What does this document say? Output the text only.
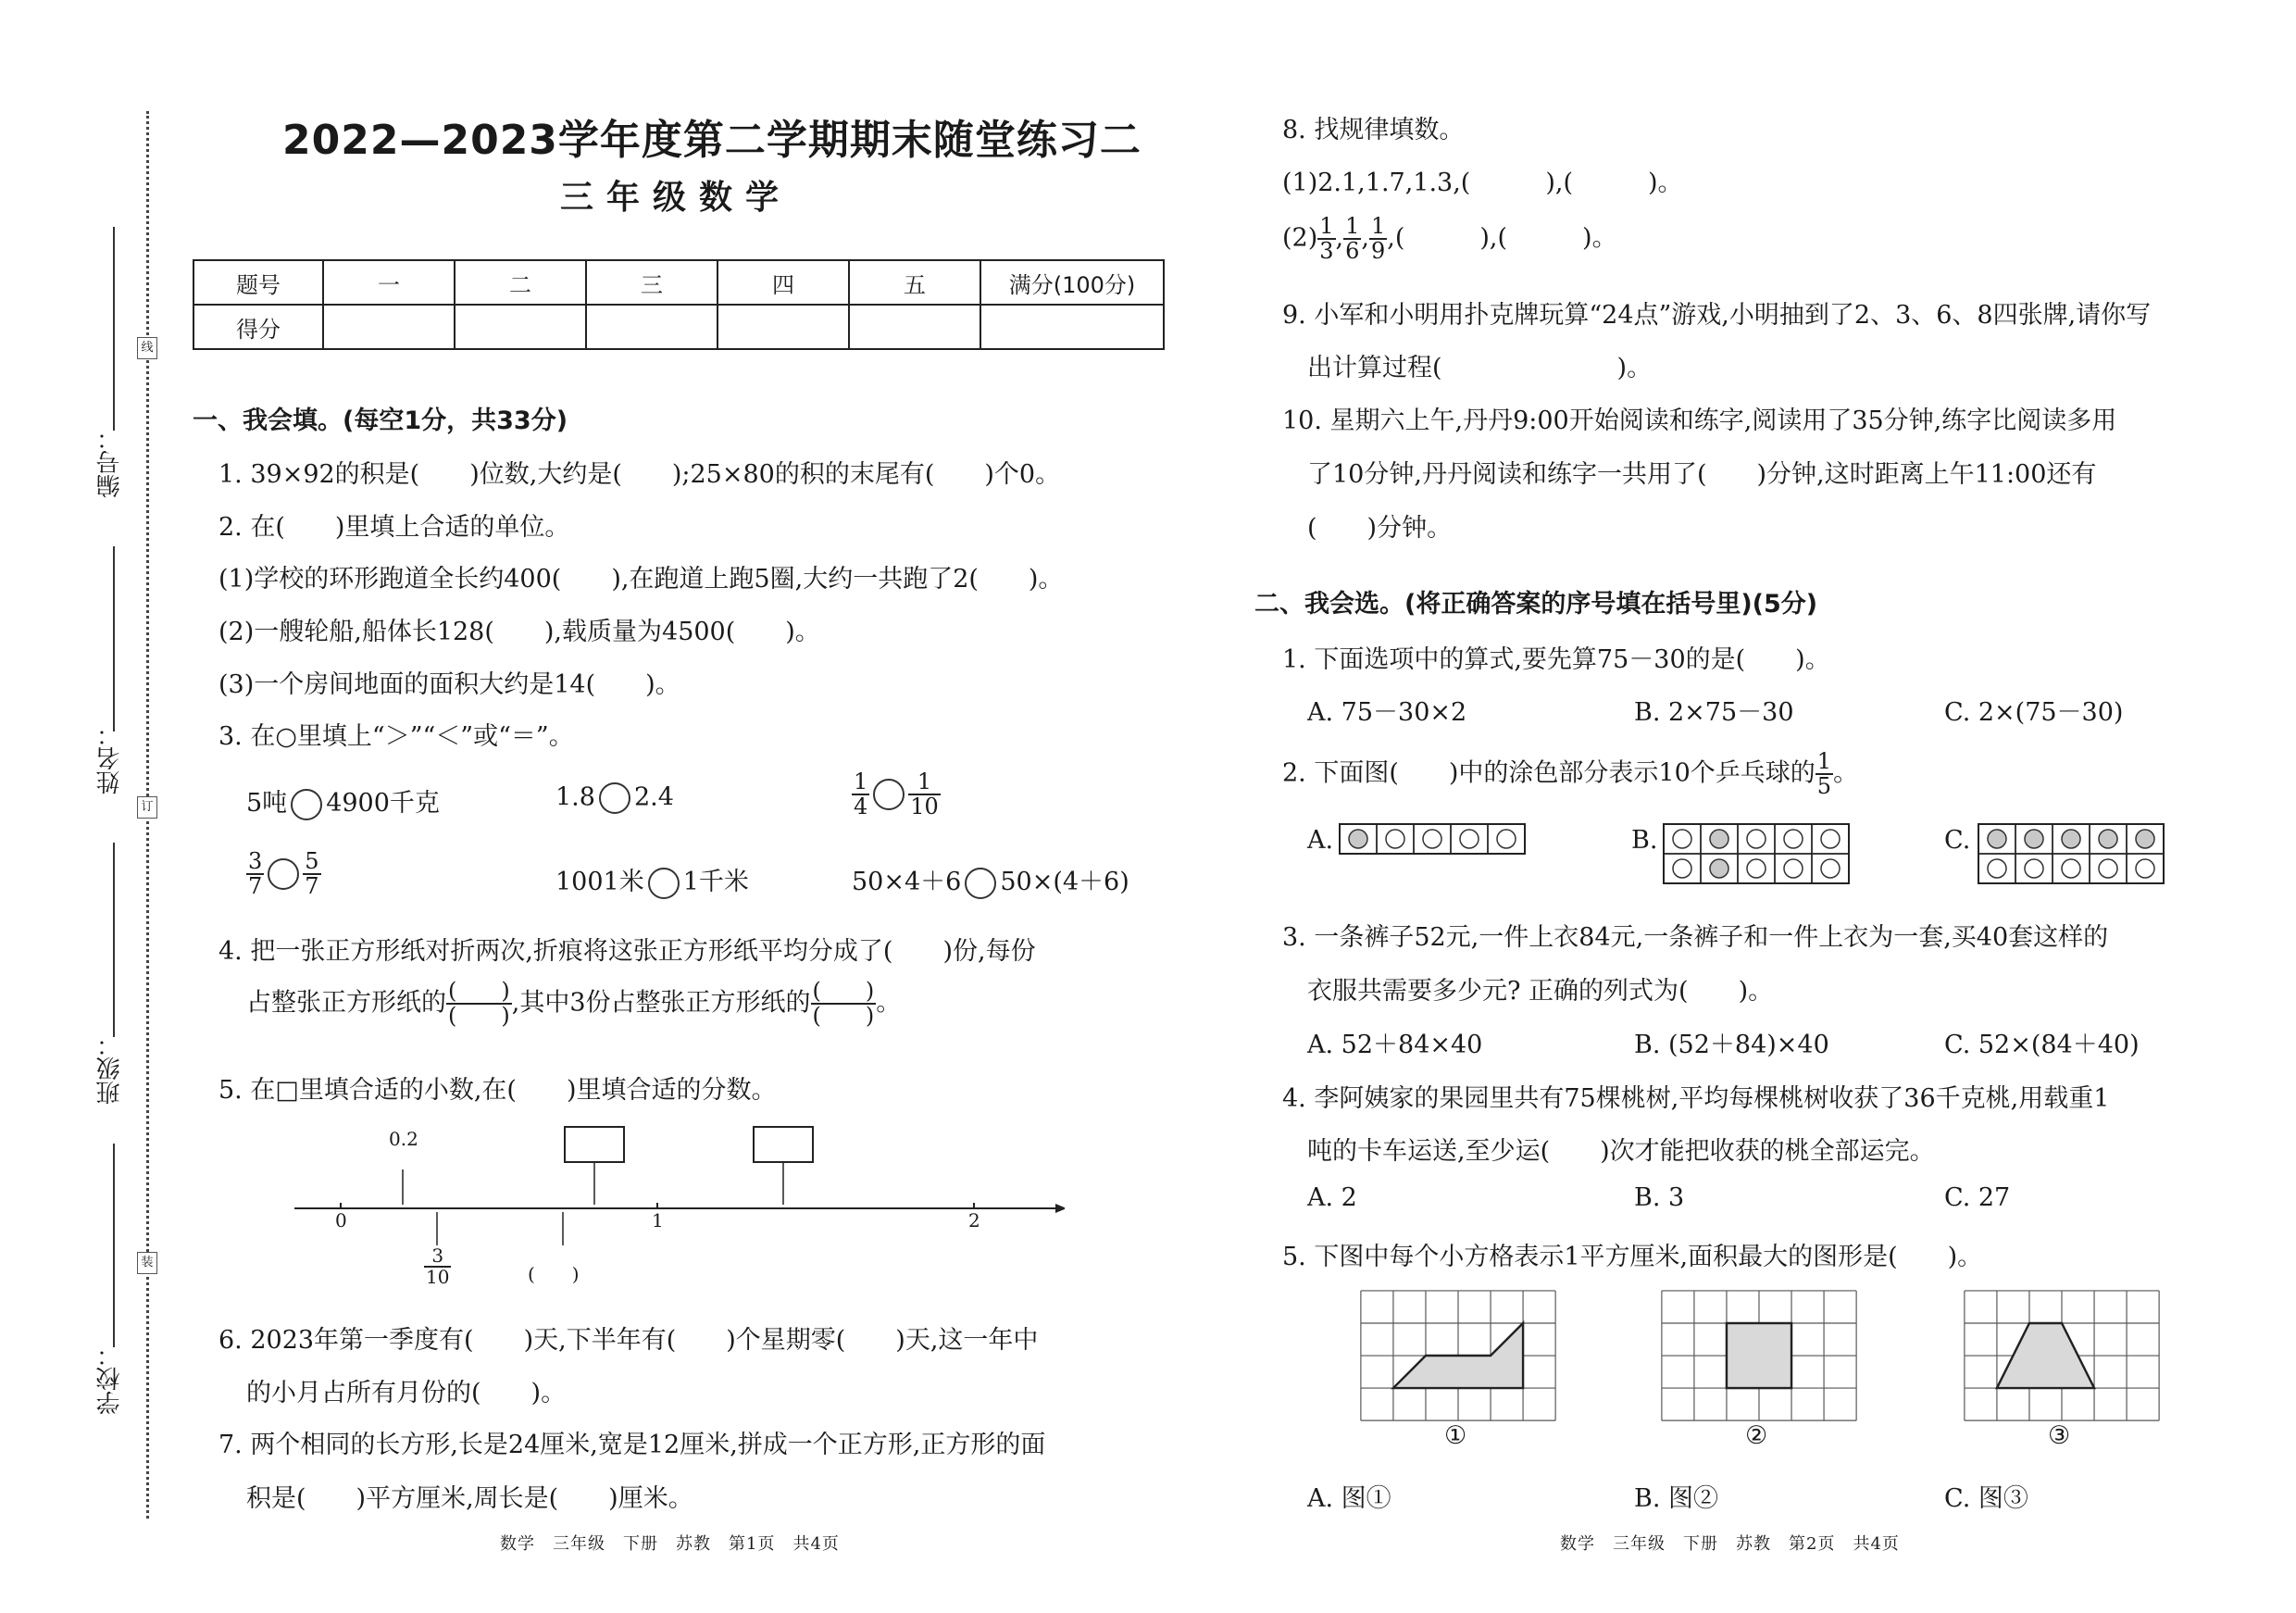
编号：
姓名：
班级：
学校：
线
订
装
2022—2023学年度第二学期期末随堂练习二
三年级数学
题号	一	二	三	四	五	满分(100分)
得分						
一、我会填。(每空1分，共33分)
1. 39×92的积是(　　)位数,大约是(　　);25×80的积的末尾有(　　)个0。
2. 在(　　)里填上合适的单位。
(1)学校的环形跑道全长约400(　　),在跑道上跑5圈,大约一共跑了2(　　)。
(2)一艘轮船,船体长128(　　),载质量为4500(　　)。
(3)一个房间地面的面积大约是14(　　)。
3. 在○里填上“＞”“＜”或“＝”。
5吨 4900千克	1.8 2.4	$\frac{1}{4} \frac{1}{10}$
$\frac{3}{7} \frac{5}{7}$	1001米 1千米	50×4＋6 50×(4＋6)
4. 把一张正方形纸对折两次,折痕将这张正方形纸平均分成了(　　)份,每份
占整张正方形纸的 $\frac{( )}{( )}$ ,其中3份占整张正方形纸的 $\frac{( )}{( )}$ 。
5. 在□里填合适的小数,在(　　)里填合适的分数。
0.2
0	1	2
$\frac{3}{10}$	(　　)
6. 2023年第一季度有(　　)天,下半年有(　　)个星期零(　　)天,这一年中
的小月占所有月份的(　　)。
7. 两个相同的长方形,长是24厘米,宽是12厘米,拼成一个正方形,正方形的面
积是(　　)平方厘米,周长是(　　)厘米。
数学　三年级　下册　苏教　第1页　共4页
8. 找规律填数。
(1)2.1,1.7,1.3,(　　　),(　　　)。
$(2) \frac{1}{3}$ , $\frac{1}{6}$ , $\frac{1}{9}$ ,(　　　),(　　　)。
9. 小军和小明用扑克牌玩算“24点”游戏,小明抽到了2、3、6、8四张牌,请你写
出计算过程(　　　　　　　)。
10. 星期六上午,丹丹9:00开始阅读和练字,阅读用了35分钟,练字比阅读多用
了10分钟,丹丹阅读和练字一共用了(　　)分钟,这时距离上午11:00还有
(　　)分钟。
二、我会选。(将正确答案的序号填在括号里)(5分)
1. 下面选项中的算式,要先算75－30的是(　　)。
A. 75－30×2	B. 2×75－30	C. 2×(75－30)
2. 下面图(　　)中的涂色部分表示10个乒乓球的 $\frac{1}{5}$ 。
A.	B.	C.
3. 一条裤子52元,一件上衣84元,一条裤子和一件上衣为一套,买40套这样的
衣服共需要多少元? 正确的列式为(　　)。
A. 52＋84×40	B. (52＋84)×40	C. 52×(84＋40)
4. 李阿姨家的果园里共有75棵桃树,平均每棵桃树收获了36千克桃,用载重1
吨的卡车运送,至少运(　　)次才能把收获的桃全部运完。
A. 2	B. 3	C. 27
5. 下图中每个小方格表示1平方厘米,面积最大的图形是(　　)。
①	②	③
A. 图①	B. 图②	C. 图③
数学　三年级　下册　苏教　第2页　共4页
